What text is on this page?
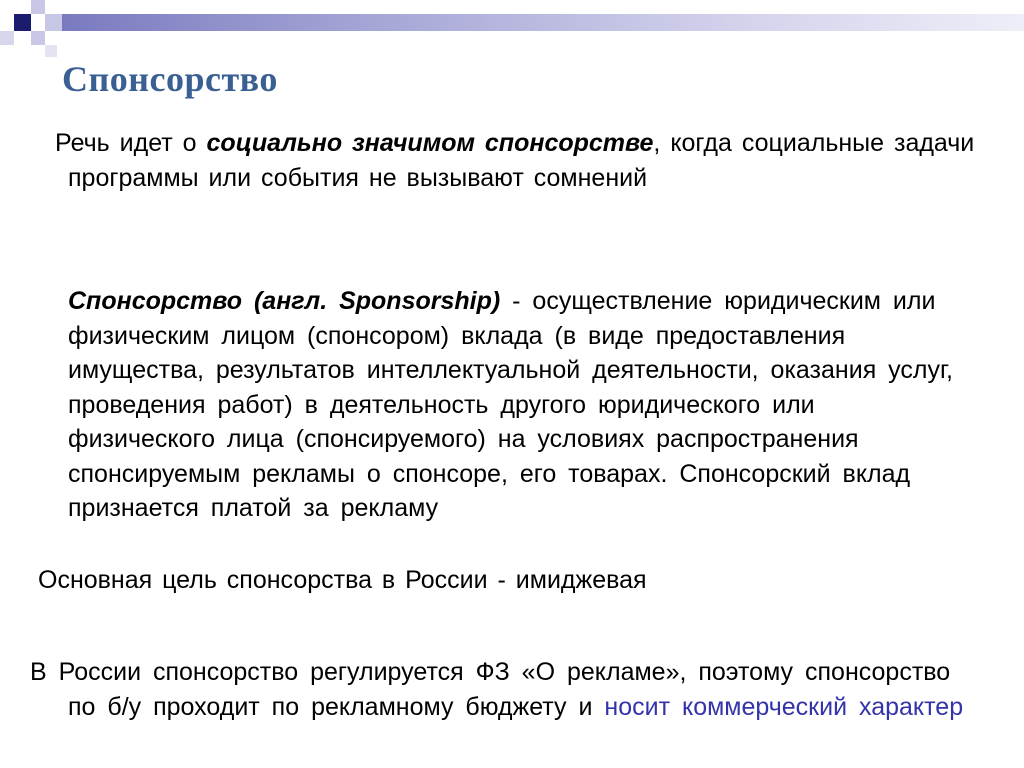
Спонсорство

Речь идет о социально значимом спонсорстве, когда социальные задачи программы или события не вызывают сомнений

Спонсорство (англ. Sponsorship) - осуществление юридическим или физическим лицом (спонсором) вклада (в виде предоставления имущества, результатов интеллектуальной деятельности, оказания услуг, проведения работ) в деятельность другого юридического или физического лица (спонсируемого) на условиях распространения спонсируемым рекламы о спонсоре, его товарах. Спонсорский вклад признается платой за рекламу

Основная цель спонсорства в России - имиджевая

В России спонсорство регулируется ФЗ «О рекламе», поэтому спонсорство по б/у проходит по рекламному бюджету и носит коммерческий характер
